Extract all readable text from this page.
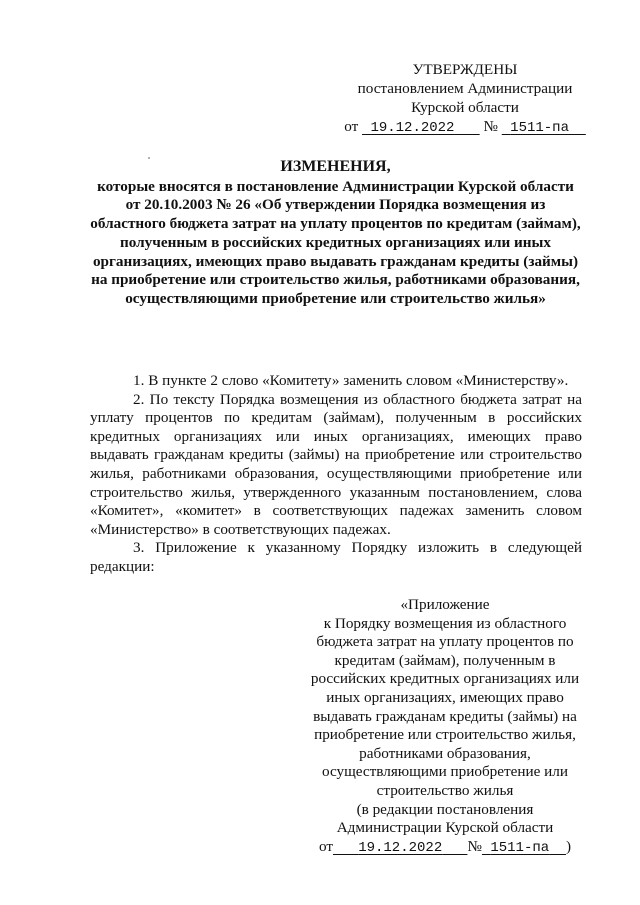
УТВЕРЖДЕНЫ
постановлением Администрации
Курской области
от 19.12.2022 № 1511-па
ИЗМЕНЕНИЯ,
которые вносятся в постановление Администрации Курской области от 20.10.2003 № 26 «Об утверждении Порядка возмещения из областного бюджета затрат на уплату процентов по кредитам (займам), полученным в российских кредитных организациях или иных организациях, имеющих право выдавать гражданам кредиты (займы) на приобретение или строительство жилья, работниками образования, осуществляющими приобретение или строительство жилья»

1. В пункте 2 слово «Комитету» заменить словом «Министерству».

2. По тексту Порядка возмещения из областного бюджета затрат на уплату процентов по кредитам (займам), полученным в российских кредитных организациях или иных организациях, имеющих право выдавать гражданам кредиты (займы) на приобретение или строительство жилья, работниками образования, осуществляющими приобретение или строительство жилья, утвержденного указанным постановлением, слова «Комитет», «комитет» в соответствующих падежах заменить словом «Министерство» в соответствующих падежах.

3. Приложение к указанному Порядку изложить в следующей редакции:

«Приложение
к Порядку возмещения из областного
бюджета затрат на уплату процентов по
кредитам (займам), полученным в
российских кредитных организациях или
иных организациях, имеющих право
выдавать гражданам кредиты (займы) на
приобретение или строительство жилья,
работниками образования,
осуществляющими приобретение или
строительство жилья
(в редакции постановления
Администрации Курской области
от 19.12.2022 № 1511-па )
